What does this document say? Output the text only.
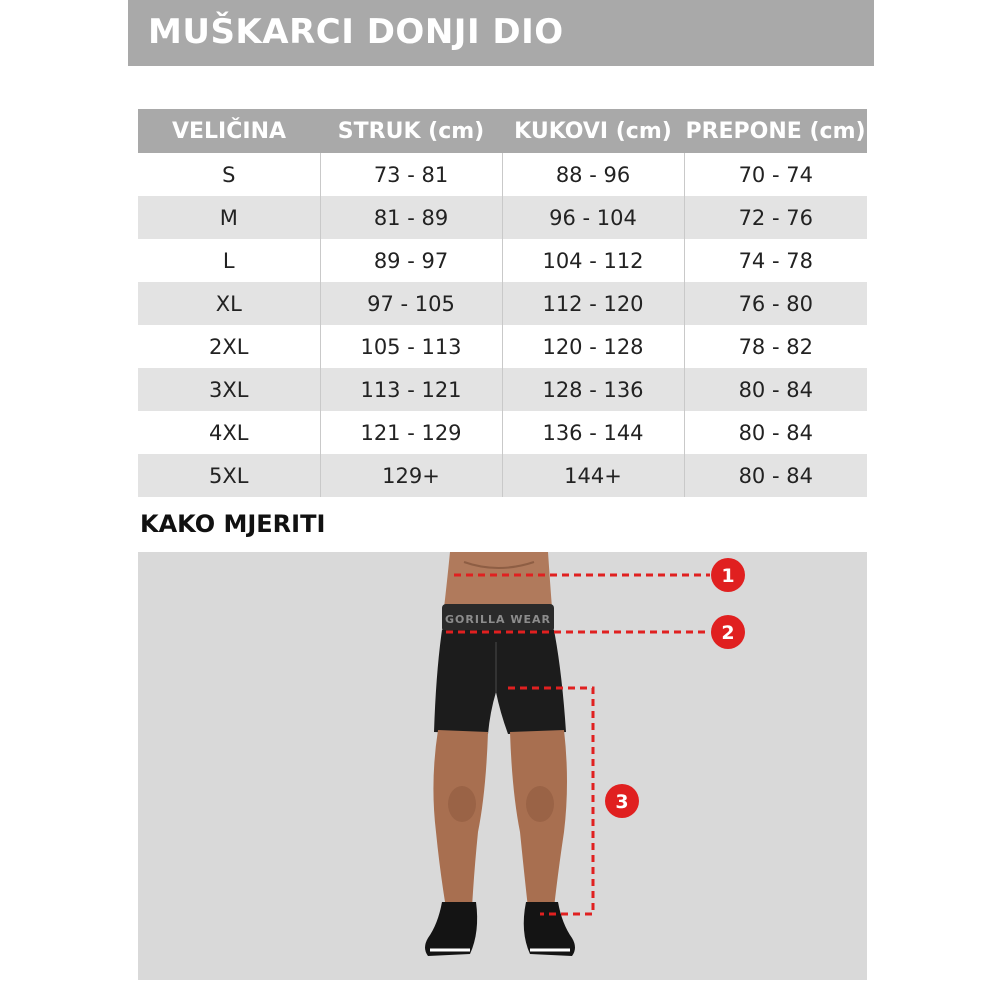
MUŠKARCI DONJI DIO
VELIČINA	STRUK (cm)	KUKOVI (cm)	PREPONE (cm)
S	73 - 81	88 - 96	70 - 74
M	81 - 89	96 - 104	72 - 76
L	89 - 97	104 - 112	74 - 78
XL	97 - 105	112 - 120	76 - 80
2XL	105 - 113	120 - 128	78 - 82
3XL	113 - 121	128 - 136	80 - 84
4XL	121 - 129	136 - 144	80 - 84
5XL	129+	144+	80 - 84
KAKO MJERITI
GORILLA WEAR
1
2
3
